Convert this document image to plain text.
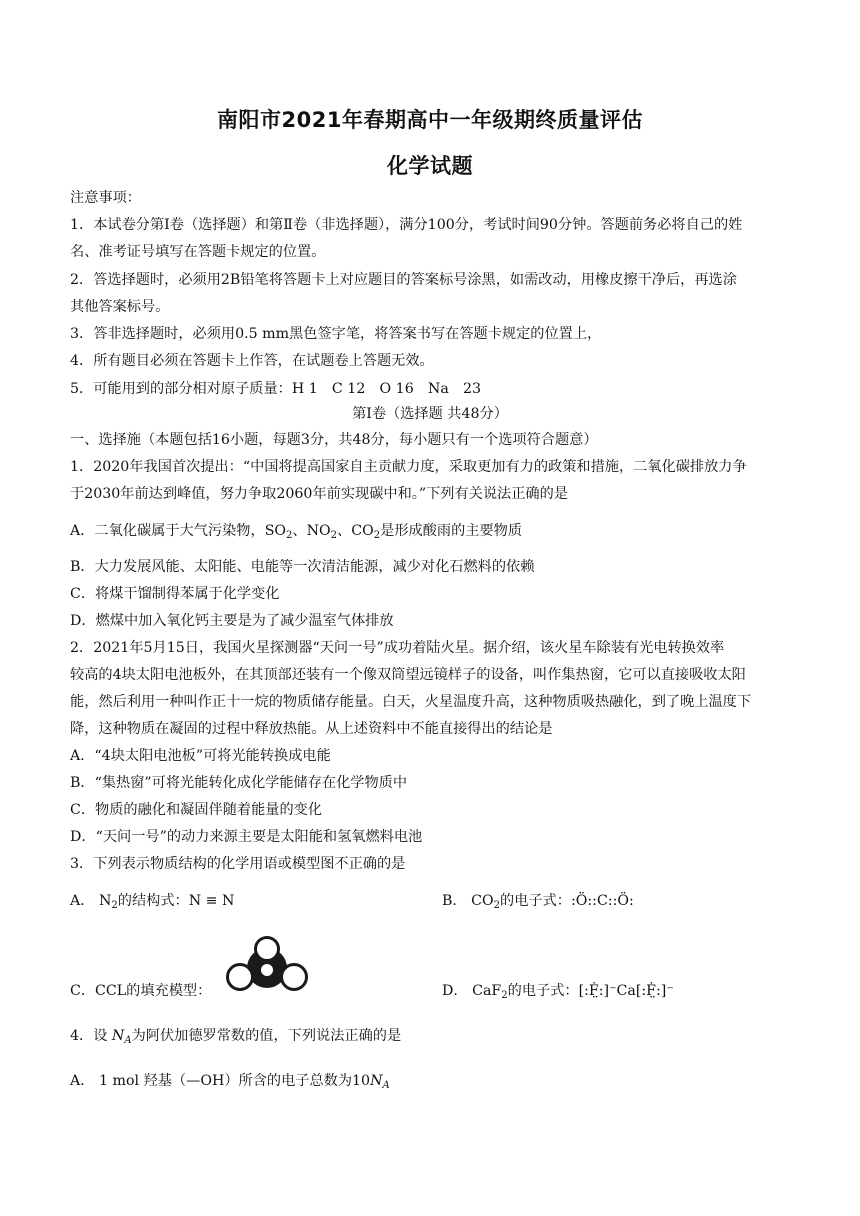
南阳市2021年春期高中一年级期终质量评估
化学试题
注意事项：
1．本试卷分第Ⅰ卷（选择题）和第Ⅱ卷（非选择题），满分100分，考试时间90分钟。答题前务必将自己的姓
名、准考证号填写在答题卡规定的位置。
2．答选择题时，必须用2B铅笔将答题卡上对应题目的答案标号涂黑，如需改动，用橡皮擦干净后，再选涂
其他答案标号。
3．答非选择题时，必须用0.5 mm黑色签字笔，将答案书写在答题卡规定的位置上，
4．所有题目必须在答题卡上作答，在试题卷上答题无效。
5．可能用到的部分相对原子质量：H 1　C 12　O 16　Na　23
第Ⅰ卷（选择题 共48分）
一、选择施（本题包括16小题，每题3分，共48分，每小题只有一个选项符合题意）
1．2020年我国首次提出：“中国将提高国家自主贡献力度，采取更加有力的政策和措施，二氧化碳排放力争
于2030年前达到峰值，努力争取2060年前实现碳中和。”下列有关说法正确的是
A．二氧化碳属于大气污染物，$SO_2$、$NO_2$、$CO_2$是形成酸雨的主要物质
B．大力发展风能、太阳能、电能等一次清洁能源，减少对化石燃料的依赖
C．将煤干馏制得苯属于化学变化
D．燃煤中加入氧化钙主要是为了减少温室气体排放
2．2021年5月15日，我国火星探测器“天问一号”成功着陆火星。据介绍，该火星车除装有光电转换效率
较高的4块太阳电池板外，在其顶部还装有一个像双筒望远镜样子的设备，叫作集热窗，它可以直接吸收太阳
能，然后利用一种叫作正十一烷的物质储存能量。白天，火星温度升高，这种物质吸热融化，到了晚上温度下
降，这种物质在凝固的过程中释放热能。从上述资料中不能直接得出的结论是
A．“4块太阳电池板”可将光能转换成电能
B．“集热窗”可将光能转化成化学能储存在化学物质中
C．物质的融化和凝固伴随着能量的变化
D．“天问一号”的动力来源主要是太阳能和氢氧燃料电池
3．下列表示物质结构的化学用语或模型图不正确的是
A． $N_2$的结构式：N ≡ N	B． $CO_2$的电子式：:Ö::C::Ö:
C．CCL的填充模型：	D． CaF$_2$的电子式：[:Ḟ̤:]⁻Ca[:Ḟ̤:]⁻
4．设 $N_A$为阿伏加德罗常数的值，下列说法正确的是
A． 1 mol 羟基（—OH）所含的电子总数为$10N_A$
